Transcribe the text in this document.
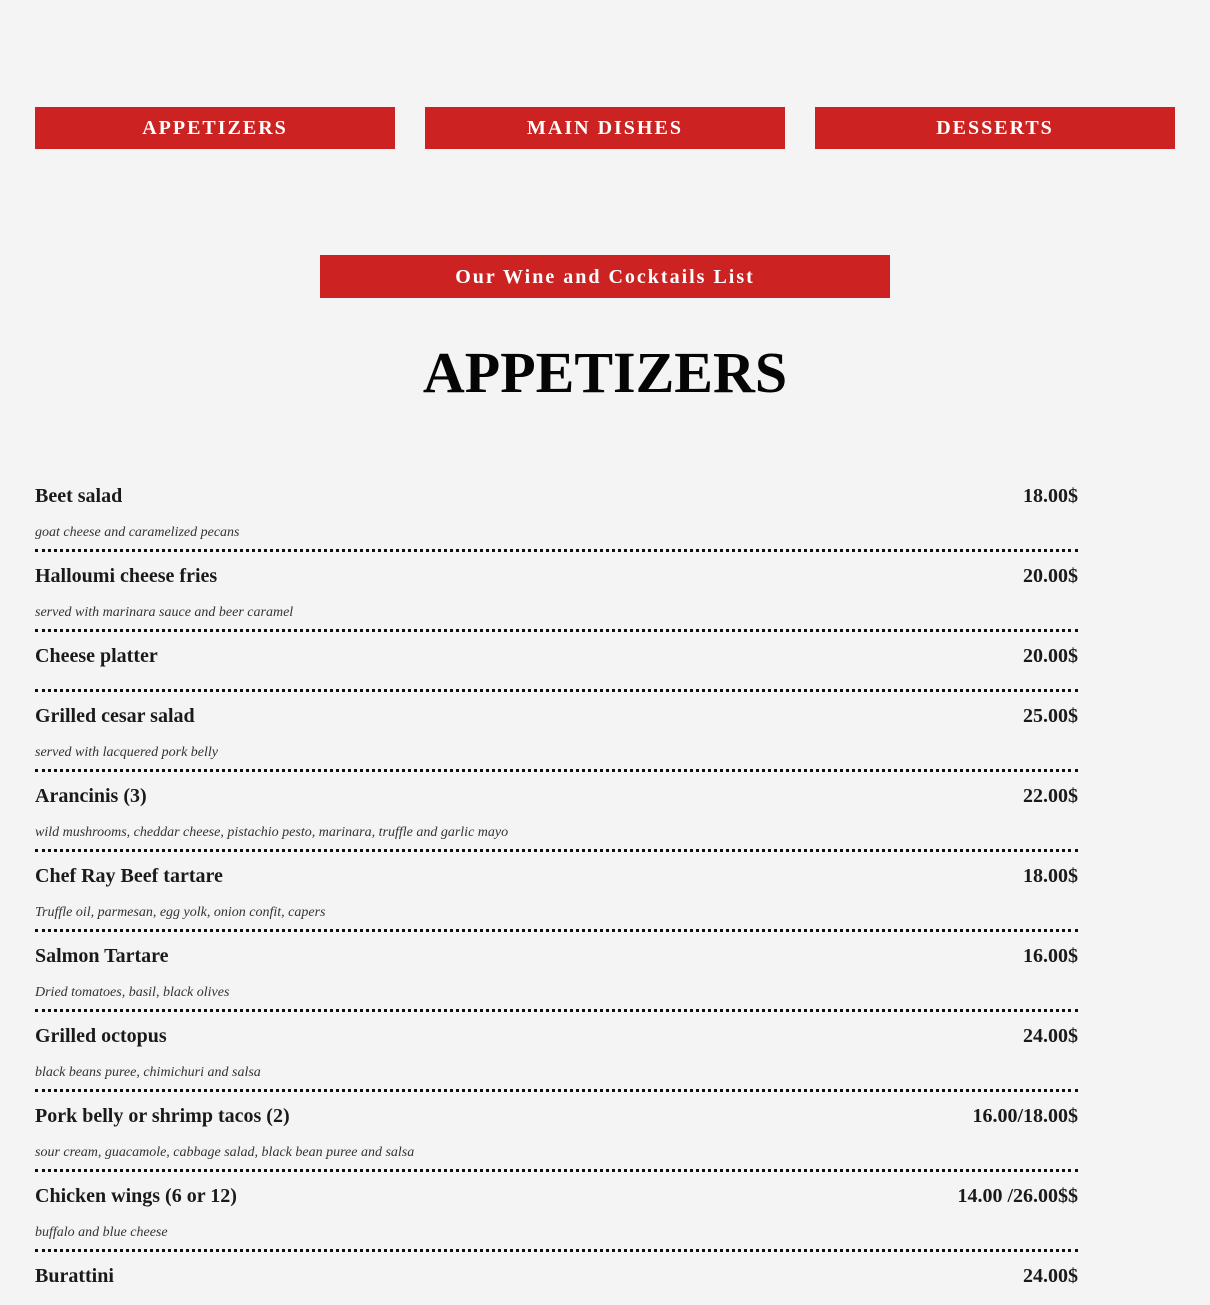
APPETIZERS	MAIN DISHES	DESSERTS
Our Wine and Cocktails List
APPETIZERS
Beet salad	18.00$
goat cheese and caramelized pecans
Halloumi cheese fries	20.00$
served with marinara sauce and beer caramel
Cheese platter	20.00$
Grilled cesar salad	25.00$
served with lacquered pork belly
Arancinis (3)	22.00$
wild mushrooms, cheddar cheese, pistachio pesto, marinara, truffle and garlic mayo
Chef Ray Beef tartare	18.00$
Truffle oil, parmesan, egg yolk, onion confit, capers
Salmon Tartare	16.00$
Dried tomatoes, basil, black olives
Grilled octopus	24.00$
black beans puree, chimichuri and salsa
Pork belly or shrimp tacos (2)	16.00/18.00$
sour cream, guacamole, cabbage salad, black bean puree and salsa
Chicken wings (6 or 12)	14.00 /26.00$$
buffalo and blue cheese
Burattini	24.00$
